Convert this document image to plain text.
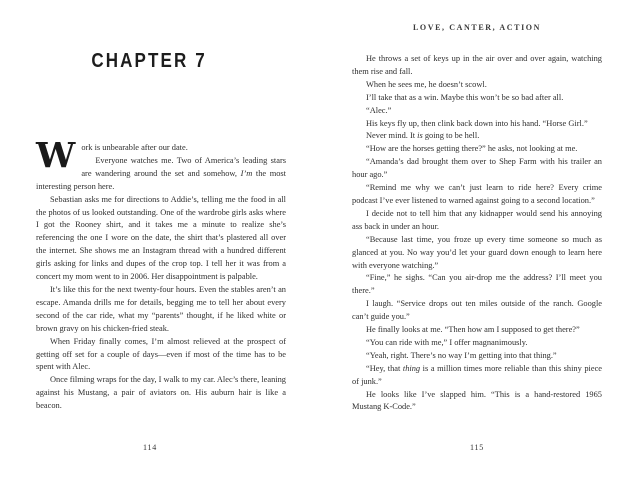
CHAPTER 7

Work is unbearable after our date.

Everyone watches me. Two of America’s leading stars are wandering around the set and somehow, I’m the most interesting person here.

Sebastian asks me for directions to Addie’s, telling me the food in all the photos of us looked outstanding. One of the wardrobe girls asks where I got the Rooney shirt, and it takes me a minute to realize she’s referencing the one I wore on the date, the shirt that’s plastered all over the internet. She shows me an Instagram thread with a hundred different girls asking for links and dupes of the crop top. I tell her it was from a concert my mom went to in 2006. Her disappointment is palpable.

It’s like this for the next twenty-four hours. Even the stables aren’t an escape. Amanda drills me for details, begging me to tell her about every second of the car ride, what my “parents” thought, if he liked white or brown gravy on his chicken-fried steak.

When Friday finally comes, I’m almost relieved at the prospect of getting off set for a couple of days—even if most of the time has to be spent with Alec.

Once filming wraps for the day, I walk to my car. Alec’s there, leaning against his Mustang, a pair of aviators on. His auburn hair is like a beacon.

114
LOVE, CANTER, ACTION

He throws a set of keys up in the air over and over again, watching them rise and fall.

When he sees me, he doesn’t scowl.

I’ll take that as a win. Maybe this won’t be so bad after all.

“Alec.”

His keys fly up, then clink back down into his hand. “Horse Girl.”

Never mind. It is going to be hell.

“How are the horses getting there?” he asks, not looking at me.

“Amanda’s dad brought them over to Shep Farm with his trailer an hour ago.”

“Remind me why we can’t just learn to ride here? Every crime podcast I’ve ever listened to warned against going to a second location.”

I decide not to tell him that any kidnapper would send his annoying ass back in under an hour.

“Because last time, you froze up every time someone so much as glanced at you. No way you’d let your guard down enough to learn here with everyone watching.”

“Fine,” he sighs. “Can you air-drop me the address? I’ll meet you there.”

I laugh. “Service drops out ten miles outside of the ranch. Google can’t guide you.”

He finally looks at me. “Then how am I supposed to get there?”

“You can ride with me,” I offer magnanimously.

“Yeah, right. There’s no way I’m getting into that thing.”

“Hey, that thing is a million times more reliable than this shiny piece of junk.”

He looks like I’ve slapped him. “This is a hand-restored 1965 Mustang K-Code.”

115
